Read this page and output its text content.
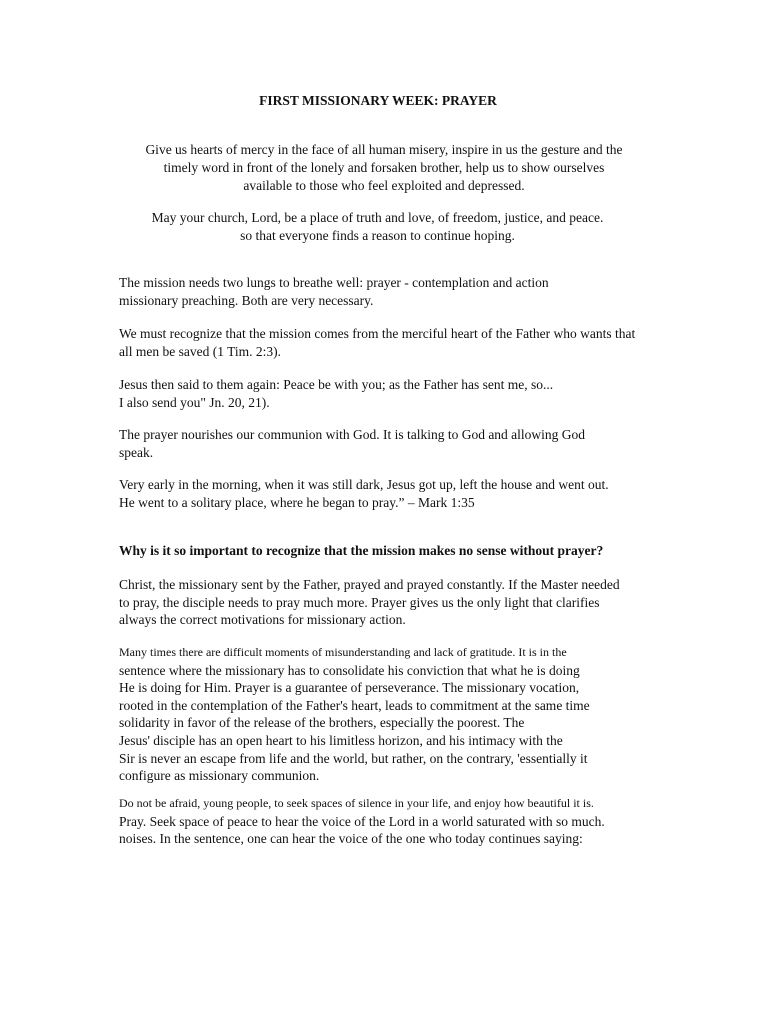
FIRST MISSIONARY WEEK: PRAYER
Give us hearts of mercy in the face of all human misery, inspire in us the gesture and the
timely word in front of the lonely and forsaken brother, help us to show ourselves
available to those who feel exploited and depressed.
May your church, Lord, be a place of truth and love, of freedom, justice, and peace.
so that everyone finds a reason to continue hoping.
The mission needs two lungs to breathe well: prayer - contemplation and action
missionary preaching. Both are very necessary.
We must recognize that the mission comes from the merciful heart of the Father who wants that
all men be saved (1 Tim. 2:3).
Jesus then said to them again: Peace be with you; as the Father has sent me, so...
I also send you" Jn. 20, 21).
The prayer nourishes our communion with God. It is talking to God and allowing God
speak.
Very early in the morning, when it was still dark, Jesus got up, left the house and went out.
He went to a solitary place, where he began to pray.” – Mark 1:35
Why is it so important to recognize that the mission makes no sense without prayer?
Christ, the missionary sent by the Father, prayed and prayed constantly. If the Master needed
to pray, the disciple needs to pray much more. Prayer gives us the only light that clarifies
always the correct motivations for missionary action.
Many times there are difficult moments of misunderstanding and lack of gratitude. It is in the
sentence where the missionary has to consolidate his conviction that what he is doing
He is doing for Him. Prayer is a guarantee of perseverance. The missionary vocation,
rooted in the contemplation of the Father's heart, leads to commitment at the same time
solidarity in favor of the release of the brothers, especially the poorest. The
Jesus' disciple has an open heart to his limitless horizon, and his intimacy with the
Sir is never an escape from life and the world, but rather, on the contrary, 'essentially it
configure as missionary communion.
Do not be afraid, young people, to seek spaces of silence in your life, and enjoy how beautiful it is.
Pray. Seek space of peace to hear the voice of the Lord in a world saturated with so much.
noises. In the sentence, one can hear the voice of the one who today continues saying:
